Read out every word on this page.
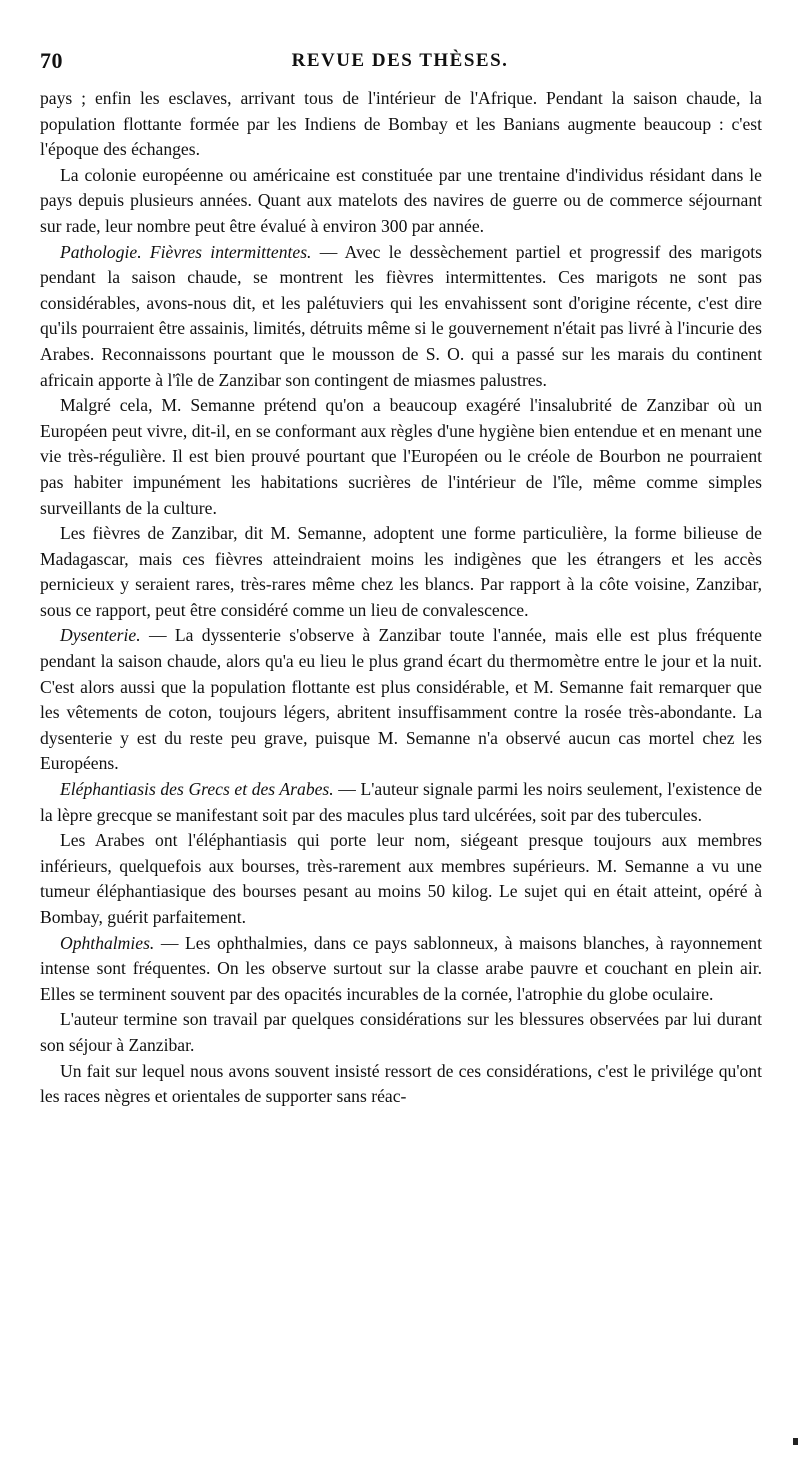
70	REVUE DES THÈSES.

pays ; enfin les esclaves, arrivant tous de l'intérieur de l'Afrique. Pendant la saison chaude, la population flottante formée par les Indiens de Bombay et les Banians augmente beaucoup : c'est l'époque des échanges.

La colonie européenne ou américaine est constituée par une trentaine d'individus résidant dans le pays depuis plusieurs années. Quant aux matelots des navires de guerre ou de commerce séjournant sur rade, leur nombre peut être évalué à environ 300 par année.

Pathologie. Fièvres intermittentes. — Avec le dessèchement partiel et progressif des marigots pendant la saison chaude, se montrent les fièvres intermittentes. Ces marigots ne sont pas considérables, avons-nous dit, et les palétuviers qui les envahissent sont d'origine récente, c'est dire qu'ils pourraient être assainis, limités, détruits même si le gouvernement n'était pas livré à l'incurie des Arabes. Reconnaissons pourtant que le mousson de S. O. qui a passé sur les marais du continent africain apporte à l'île de Zanzibar son contingent de miasmes palustres.

Malgré cela, M. Semanne prétend qu'on a beaucoup exagéré l'insalubrité de Zanzibar où un Européen peut vivre, dit-il, en se conformant aux règles d'une hygiène bien entendue et en menant une vie très-régulière. Il est bien prouvé pourtant que l'Européen ou le créole de Bourbon ne pourraient pas habiter impunément les habitations sucrières de l'intérieur de l'île, même comme simples surveillants de la culture.

Les fièvres de Zanzibar, dit M. Semanne, adoptent une forme particulière, la forme bilieuse de Madagascar, mais ces fièvres atteindraient moins les indigènes que les étrangers et les accès pernicieux y seraient rares, très-rares même chez les blancs. Par rapport à la côte voisine, Zanzibar, sous ce rapport, peut être considéré comme un lieu de convalescence.

Dysenterie. — La dyssenterie s'observe à Zanzibar toute l'année, mais elle est plus fréquente pendant la saison chaude, alors qu'a eu lieu le plus grand écart du thermomètre entre le jour et la nuit. C'est alors aussi que la population flottante est plus considérable, et M. Semanne fait remarquer que les vêtements de coton, toujours légers, abritent insuffisamment contre la rosée très-abondante. La dysenterie y est du reste peu grave, puisque M. Semanne n'a observé aucun cas mortel chez les Européens.

Eléphantiasis des Grecs et des Arabes. — L'auteur signale parmi les noirs seulement, l'existence de la lèpre grecque se manifestant soit par des macules plus tard ulcérées, soit par des tubercules.

Les Arabes ont l'éléphantiasis qui porte leur nom, siégeant presque toujours aux membres inférieurs, quelquefois aux bourses, très-rarement aux membres supérieurs. M. Semanne a vu une tumeur éléphantiasique des bourses pesant au moins 50 kilog. Le sujet qui en était atteint, opéré à Bombay, guérit parfaitement.

Ophthalmies. — Les ophthalmies, dans ce pays sablonneux, à maisons blanches, à rayonnement intense sont fréquentes. On les observe surtout sur la classe arabe pauvre et couchant en plein air. Elles se terminent souvent par des opacités incurables de la cornée, l'atrophie du globe oculaire.

L'auteur termine son travail par quelques considérations sur les blessures observées par lui durant son séjour à Zanzibar.

Un fait sur lequel nous avons souvent insisté ressort de ces considérations, c'est le privilége qu'ont les races nègres et orientales de supporter sans réac-
